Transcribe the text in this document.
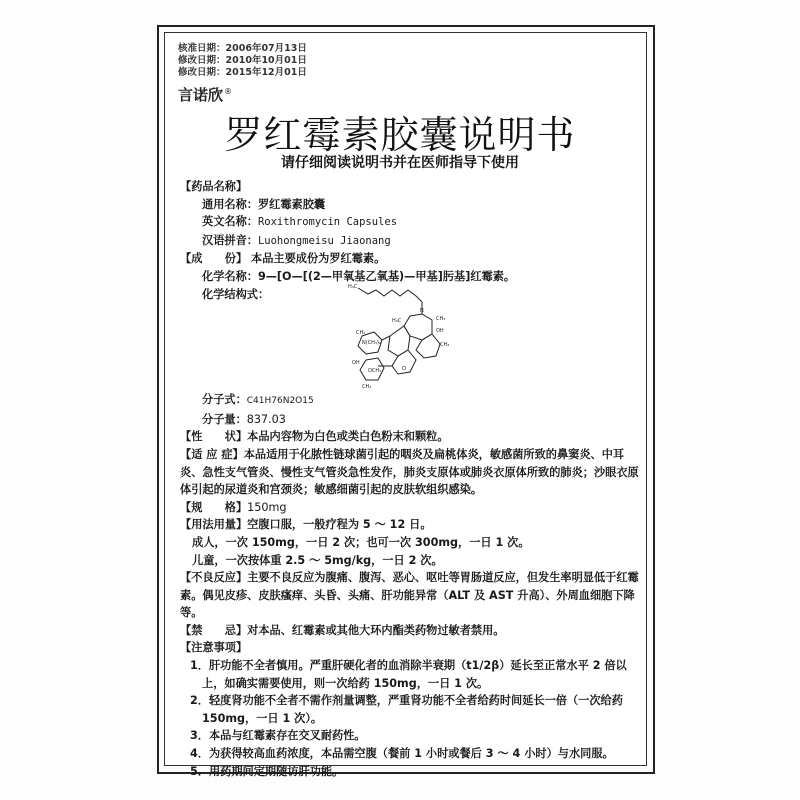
核准日期：2006年07月13日
修改日期：2010年10月01日
修改日期：2015年12月01日
言诺欣®
罗红霉素胶囊说明书
请仔细阅读说明书并在医师指导下使用
【药品名称】
通用名称：罗红霉素胶囊
英文名称：Roxithromycin Capsules
汉语拼音：Luohongmeisu Jiaonang
【成　　份】 本品主要成份为罗红霉素。
化学名称：9—[O—[(2—甲氧基乙氧基)—甲基]肟基]红霉素。
化学结构式：
分子式：C41H76N2O15
分子量：837.03
【性　　状】本品内容物为白色或类白色粉末和颗粒。
【适 应 症】本品适用于化脓性链球菌引起的咽炎及扁桃体炎，敏感菌所致的鼻窦炎、中耳炎、急性支气管炎、慢性支气管炎急性发作，肺炎支原体或肺炎衣原体所致的肺炎；沙眼衣原体引起的尿道炎和宫颈炎；敏感细菌引起的皮肤软组织感染。
【规　　格】150mg
【用法用量】空腹口服，一般疗程为 5 ～ 12 日。
成人，一次 150mg，一日 2 次；也可一次 300mg，一日 1 次。
儿童，一次按体重 2.5 ～ 5mg/kg，一日 2 次。
【不良反应】主要不良反应为腹痛、腹泻、恶心、呕吐等胃肠道反应，但发生率明显低于红霉素。偶见皮疹、皮肤瘙痒、头昏、头痛、肝功能异常（ALT 及 AST 升高）、外周血细胞下降等。
【禁　　忌】对本品、红霉素或其他大环内酯类药物过敏者禁用。
【注意事项】
1．肝功能不全者慎用。严重肝硬化者的血消除半衰期（t1/2β）延长至正常水平 2 倍以上，如确实需要使用，则一次给药 150mg，一日 1 次。
2．轻度肾功能不全者不需作剂量调整，严重肾功能不全者给药时间延长一倍（一次给药 150mg，一日 1 次）。
3．本品与红霉素存在交叉耐药性。
4．为获得较高血药浓度，本品需空腹（餐前 1 小时或餐后 3 ～ 4 小时）与水同服。
5．用药期间定期随访肝功能。
H₃C
N
CH₃
OH
H₃C
CH₃
O
CH₃
N(CH₃)₂
CH₃
OH
OCH₃
